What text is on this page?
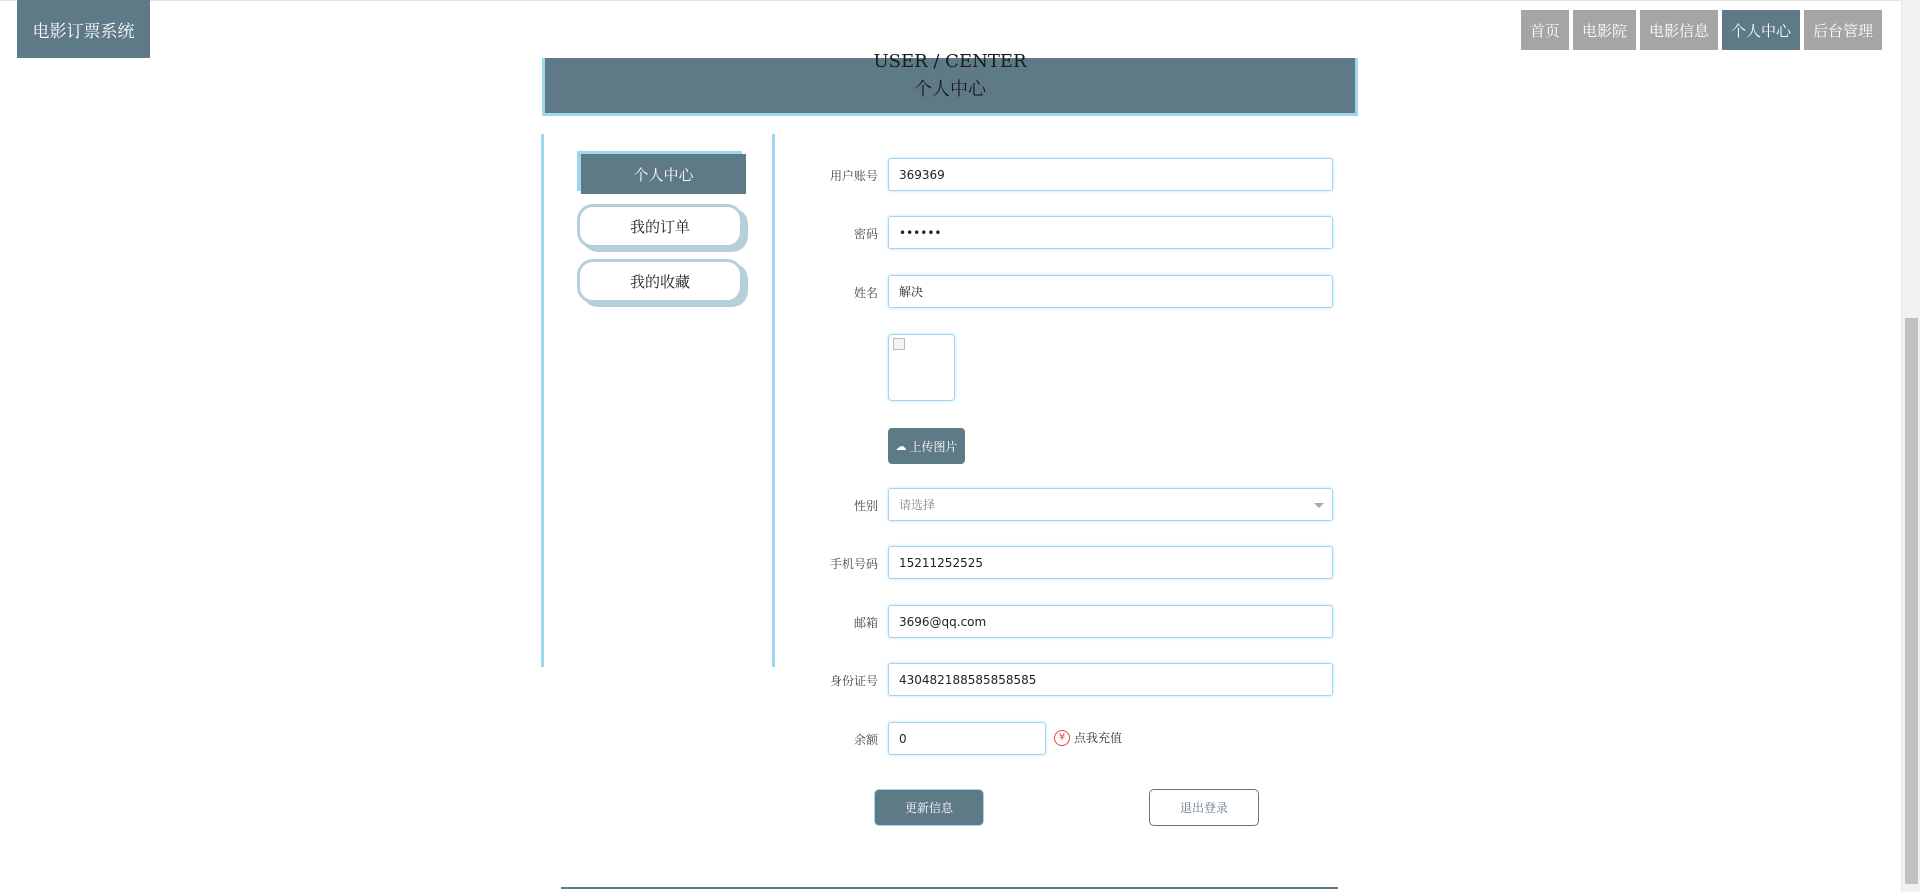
电影订票系统	首页	电影院	电影信息	个人中心	后台管理
USER / CENTER
个人中心
个人中心
我的订单
我的收藏
用户账号 369369
密码 ••••••
姓名 解决
☁ 上传图片
性别 请选择
手机号码 15211252525
邮箱 3696@qq.com
身份证号 430482188585858585
余额 0	¥ 点我充值
更新信息	退出登录
